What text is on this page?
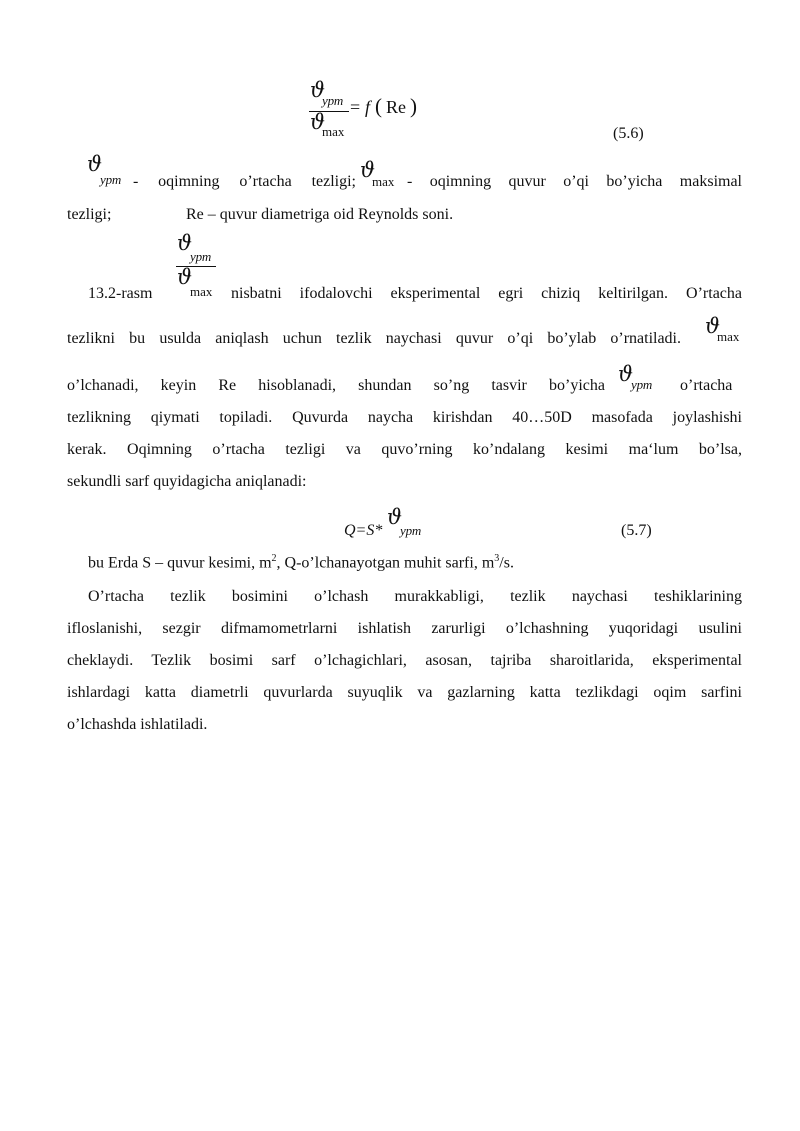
ϑ
урт
ϑ
max
= f ( Re )
(5.6)
ϑ
урт - oqimning o’rtacha tezligi; ϑ
max - oqimning quvur o’qi bo’yicha maksimal
tezligi;	Re – quvur diametriga oid Reynolds soni.
ϑ
урт
ϑ
max
13.2-rasm	nisbatni ifodalovchi eksperimental egri chiziq keltirilgan. O’rtacha
tezlikni bu usulda aniqlash uchun tezlik naychasi quvur o’qi bo’ylab o’rnatiladi.
ϑ
max
o’lchanadi, keyin Re hisoblanadi, shundan so’ng tasvir bo’yicha ϑ
урт o’rtacha
tezlikning qiymati topiladi. Quvurda naycha kirishdan 40…50D masofada joylashishi
kerak. Oqimning o’rtacha tezligi va quvo’rning ko’ndalang kesimi ma‘lum bo’lsa,
sekundli sarf quyidagicha aniqlanadi:
Q=S*
ϑ
урт	(5.7)
bu Erda S – quvur kesimi, $m^2$, Q-o’lchanayotgan muhit sarfi, $m^3/s$.
O’rtacha tezlik bosimini o’lchash murakkabligi, tezlik naychasi teshiklarining
ifloslanishi, sezgir difmamometrlarni ishlatish zarurligi o’lchashning yuqoridagi usulini
cheklaydi. Tezlik bosimi sarf o’lchagichlari, asosan, tajriba sharoitlarida, eksperimental
ishlardagi katta diametrli quvurlarda suyuqlik va gazlarning katta tezlikdagi oqim sarfini
o’lchashda ishlatiladi.
